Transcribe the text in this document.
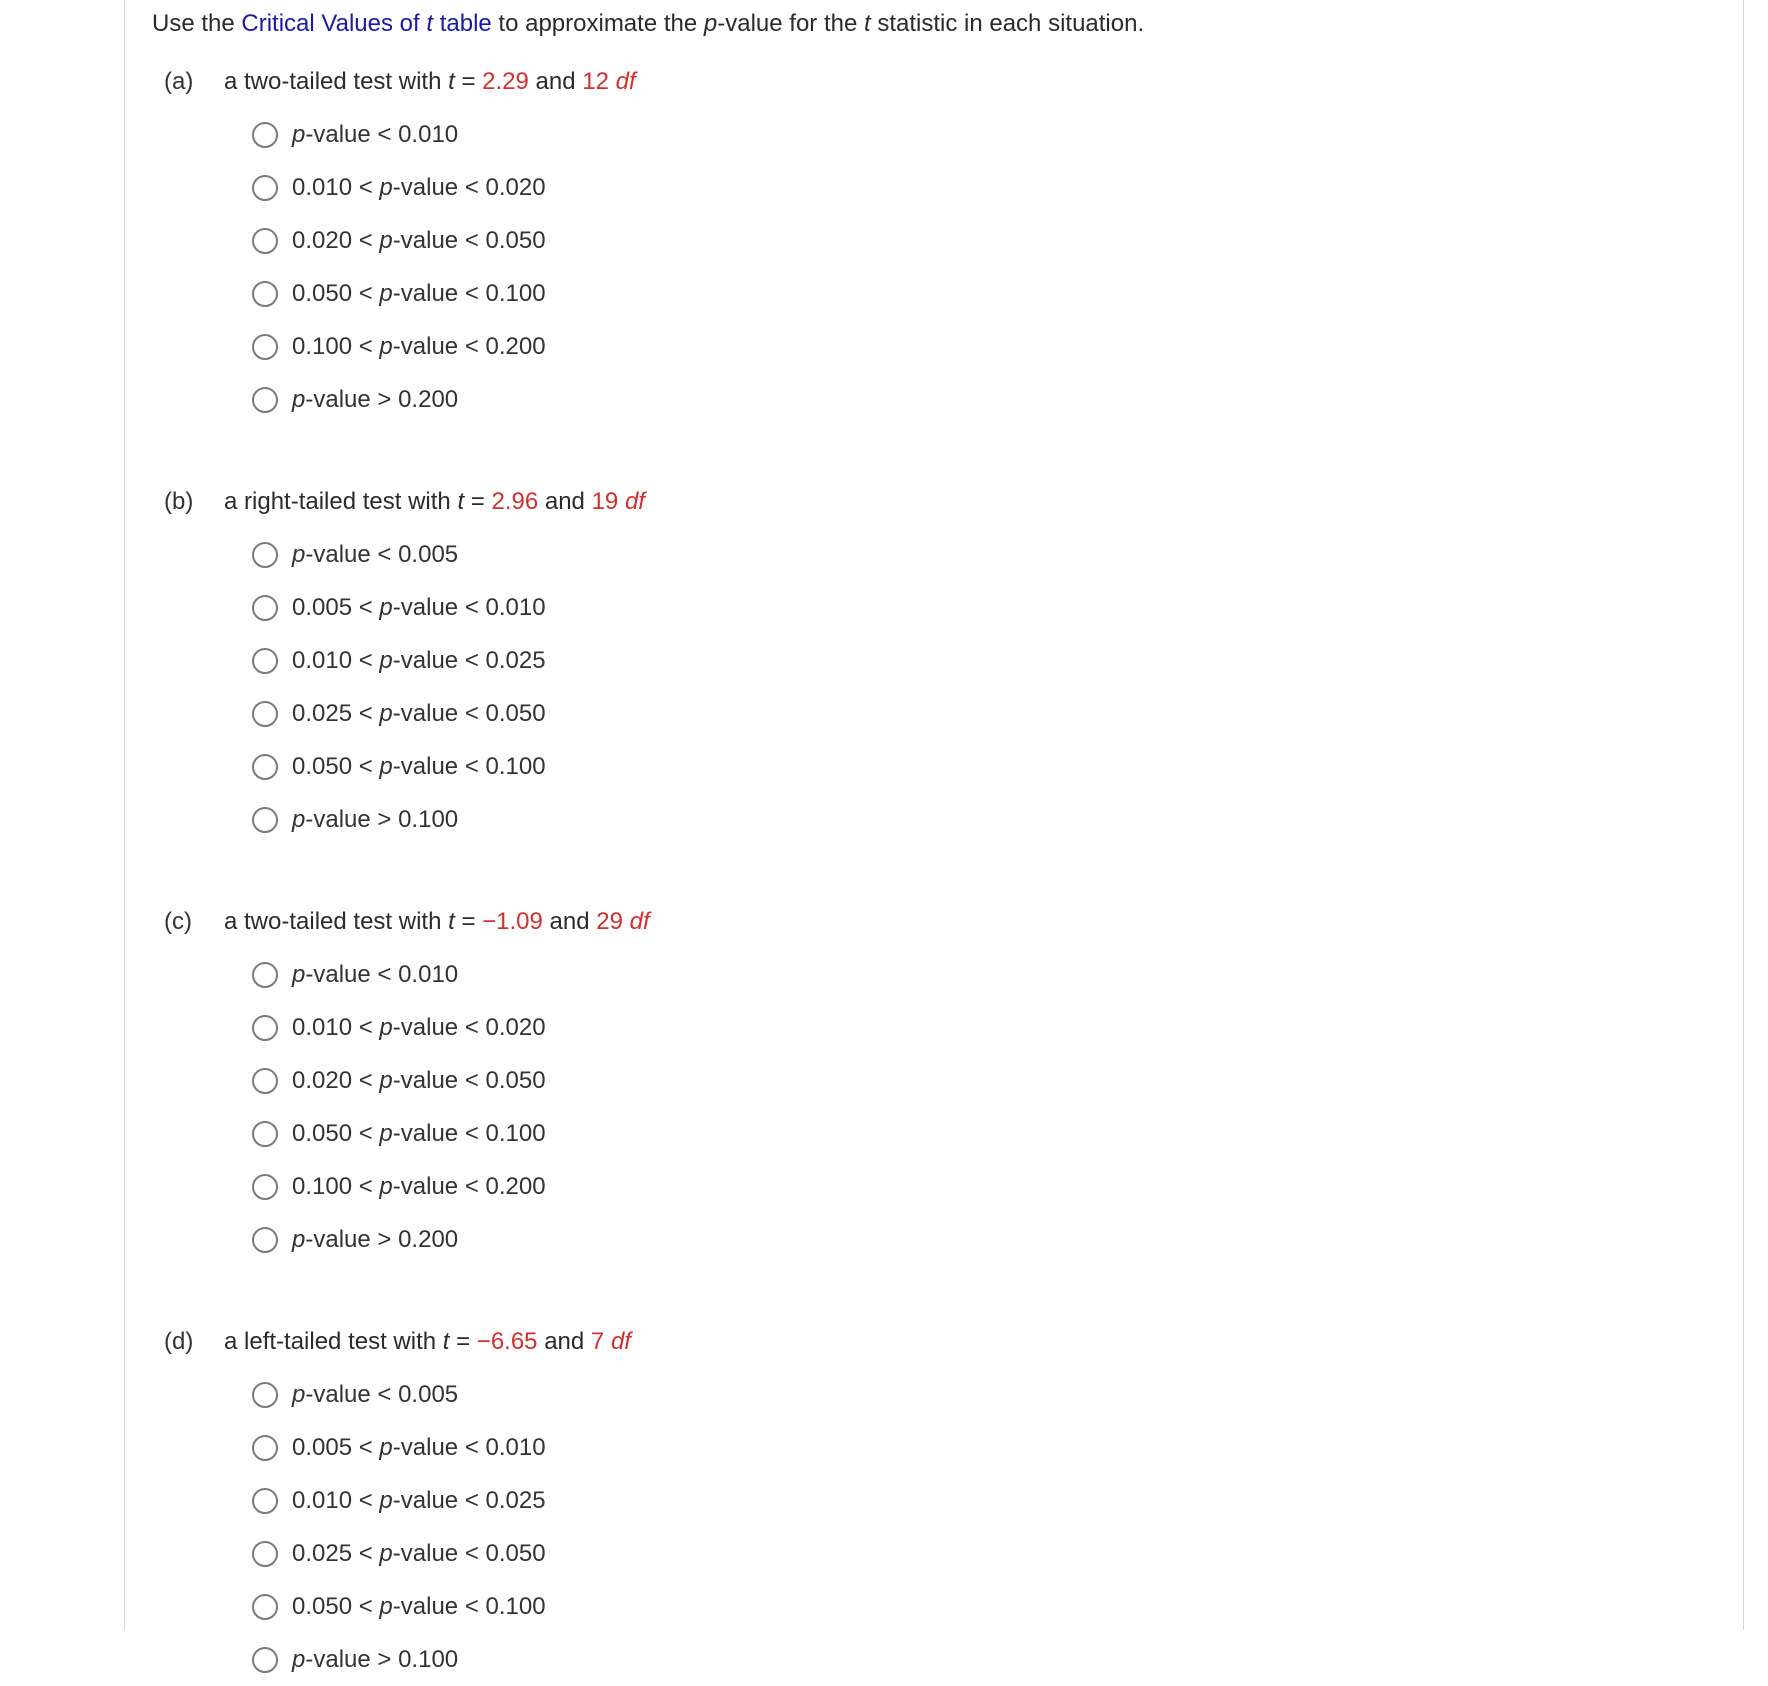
Use the Critical Values of t table to approximate the p-value for the t statistic in each situation.

(a)	a two-tailed test with t = 2.29 and 12 df
p-value < 0.010
0.010 < p-value < 0.020
0.020 < p-value < 0.050
0.050 < p-value < 0.100
0.100 < p-value < 0.200
p-value > 0.200
(b)	a right-tailed test with t = 2.96 and 19 df
p-value < 0.005
0.005 < p-value < 0.010
0.010 < p-value < 0.025
0.025 < p-value < 0.050
0.050 < p-value < 0.100
p-value > 0.100
(c)	a two-tailed test with t = −1.09 and 29 df
p-value < 0.010
0.010 < p-value < 0.020
0.020 < p-value < 0.050
0.050 < p-value < 0.100
0.100 < p-value < 0.200
p-value > 0.200
(d)	a left-tailed test with t = −6.65 and 7 df
p-value < 0.005
0.005 < p-value < 0.010
0.010 < p-value < 0.025
0.025 < p-value < 0.050
0.050 < p-value < 0.100
p-value > 0.100
